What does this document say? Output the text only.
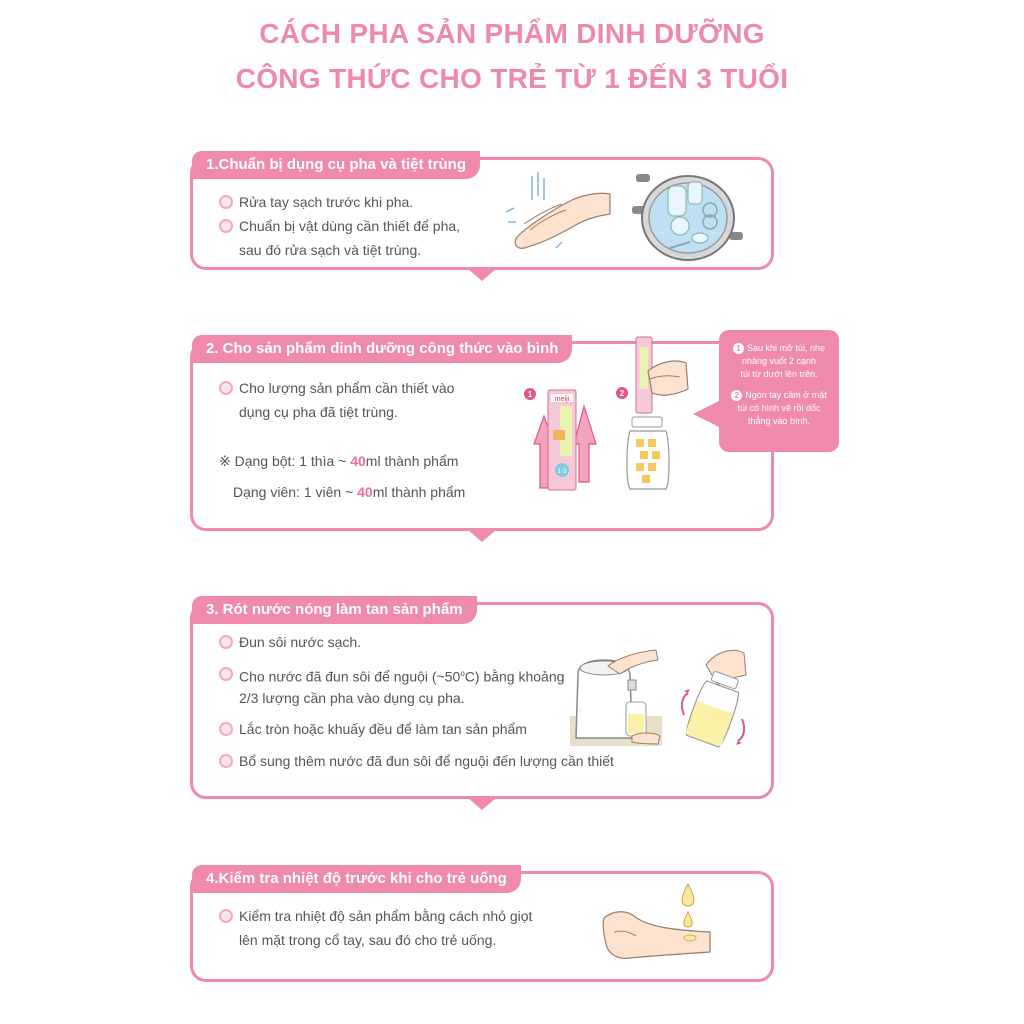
CÁCH PHA SẢN PHẨM DINH DƯỠNG
CÔNG THỨC CHO TRẺ TỪ 1 ĐẾN 3 TUỔI
1.Chuẩn bị dụng cụ pha và tiệt trùng
Rửa tay sạch trước khi pha.
Chuẩn bị vật dùng cần thiết để pha,
sau đó rửa sạch và tiệt trùng.
2. Cho sản phẩm dinh dưỡng công thức vào bình
Cho lượng sản phẩm cần thiết vào
dụng cụ pha đã tiệt trùng.
※ Dạng bột: 1 thìa ~ 40ml thành phẩm
Dạng viên: 1 viên ~ 40ml thành phẩm
1
meiji
1-3
2
1 Sau khi mở túi, nhẹ
nhàng vuốt 2 cạnh
túi từ dưới lên trên.
2 Ngón tay cầm ở mặt
túi có hình vẽ rồi dốc
thẳng vào bình.
3. Rót nước nóng làm tan sản phẩm
Đun sôi nước sạch.
Cho nước đã đun sôi để nguội (~50$^o$C) bằng khoảng
2/3 lượng cần pha vào dụng cụ pha.
Lắc tròn hoặc khuấy đều để làm tan sản phẩm
Bổ sung thêm nước đã đun sôi để nguội đến lượng cần thiết
4.Kiểm tra nhiệt độ trước khi cho trẻ uống
Kiểm tra nhiệt độ sản phẩm bằng cách nhỏ giọt
lên mặt trong cổ tay, sau đó cho trẻ uống.
